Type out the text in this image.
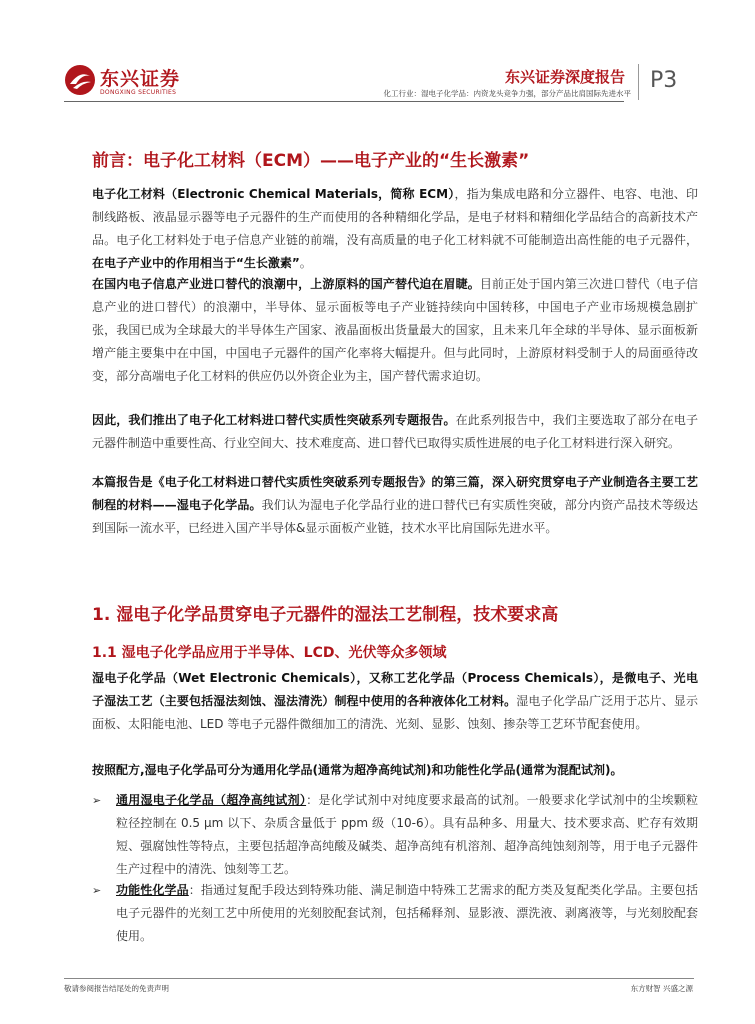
东兴证券
DONGXING SECURITIES
东兴证券深度报告
化工行业：湿电子化学品：内资龙头竞争力强，部分产品比肩国际先进水平
P3
前言：电子化工材料（ECM）——电子产业的“生长激素”

电子化工材料（Electronic Chemical Materials，简称 ECM），指为集成电路和分立器件、电容、电池、印制线路板、液晶显示器等电子元器件的生产而使用的各种精细化学品，是电子材料和精细化学品结合的高新技术产品。电子化工材料处于电子信息产业链的前端，没有高质量的电子化工材料就不可能制造出高性能的电子元器件，在电子产业中的作用相当于“生长激素”。

在国内电子信息产业进口替代的浪潮中，上游原料的国产替代迫在眉睫。目前正处于国内第三次进口替代（电子信息产业的进口替代）的浪潮中，半导体、显示面板等电子产业链持续向中国转移，中国电子产业市场规模急剧扩张，我国已成为全球最大的半导体生产国家、液晶面板出货量最大的国家，且未来几年全球的半导体、显示面板新增产能主要集中在中国，中国电子元器件的国产化率将大幅提升。但与此同时，上游原材料受制于人的局面亟待改变，部分高端电子化工材料的供应仍以外资企业为主，国产替代需求迫切。

因此，我们推出了电子化工材料进口替代实质性突破系列专题报告。在此系列报告中，我们主要选取了部分在电子元器件制造中重要性高、行业空间大、技术难度高、进口替代已取得实质性进展的电子化工材料进行深入研究。

本篇报告是《电子化工材料进口替代实质性突破系列专题报告》的第三篇，深入研究贯穿电子产业制造各主要工艺制程的材料——湿电子化学品。我们认为湿电子化学品行业的进口替代已有实质性突破，部分内资产品技术等级达到国际一流水平，已经进入国产半导体&显示面板产业链，技术水平比肩国际先进水平。

1. 湿电子化学品贯穿电子元器件的湿法工艺制程，技术要求高
1.1 湿电子化学品应用于半导体、LCD、光伏等众多领域

湿电子化学品（Wet Electronic Chemicals），又称工艺化学品（Process Chemicals），是微电子、光电子湿法工艺（主要包括湿法刻蚀、湿法清洗）制程中使用的各种液体化工材料。湿电子化学品广泛用于芯片、显示面板、太阳能电池、LED 等电子元器件微细加工的清洗、光刻、显影、蚀刻、掺杂等工艺环节配套使用。

按照配方,湿电子化学品可分为通用化学品(通常为超净高纯试剂)和功能性化学品(通常为混配试剂)。

➢ 通用湿电子化学品（超净高纯试剂）：是化学试剂中对纯度要求最高的试剂。一般要求化学试剂中的尘埃颗粒粒径控制在 0.5 μm 以下、杂质含量低于 ppm 级（10-6）。具有品种多、用量大、技术要求高、贮存有效期短、强腐蚀性等特点，主要包括超净高纯酸及碱类、超净高纯有机溶剂、超净高纯蚀刻剂等，用于电子元器件生产过程中的清洗、蚀刻等工艺。
➢ 功能性化学品：指通过复配手段达到特殊功能、满足制造中特殊工艺需求的配方类及复配类化学品。主要包括电子元器件的光刻工艺中所使用的光刻胶配套试剂，包括稀释剂、显影液、漂洗液、剥离液等，与光刻胶配套使用。
敬请参阅报告结尾处的免责声明	东方财智 兴盛之源
